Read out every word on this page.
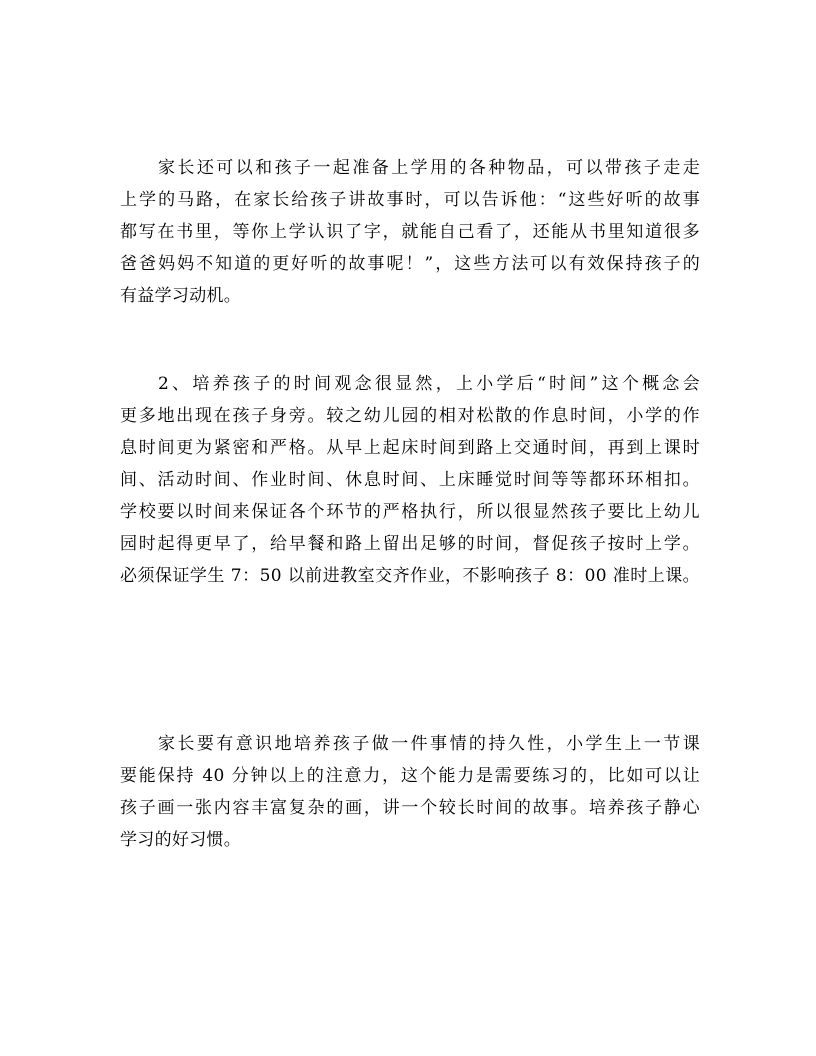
家长还可以和孩子一起准备上学用的各种物品，可以带孩子走走
上学的马路，在家长给孩子讲故事时，可以告诉他：“这些好听的故事
都写在书里，等你上学认识了字，就能自己看了，还能从书里知道很多
爸爸妈妈不知道的更好听的故事呢！”，这些方法可以有效保持孩子的
有益学习动机。
2、培养孩子的时间观念很显然，上小学后“时间”这个概念会
更多地出现在孩子身旁。较之幼儿园的相对松散的作息时间，小学的作
息时间更为紧密和严格。从早上起床时间到路上交通时间，再到上课时
间、活动时间、作业时间、休息时间、上床睡觉时间等等都环环相扣。
学校要以时间来保证各个环节的严格执行，所以很显然孩子要比上幼儿
园时起得更早了，给早餐和路上留出足够的时间，督促孩子按时上学。
必须保证学生 7：50 以前进教室交齐作业，不影响孩子 8：00 准时上课。
家长要有意识地培养孩子做一件事情的持久性，小学生上一节课
要能保持 40 分钟以上的注意力，这个能力是需要练习的，比如可以让
孩子画一张内容丰富复杂的画，讲一个较长时间的故事。培养孩子静心
学习的好习惯。
